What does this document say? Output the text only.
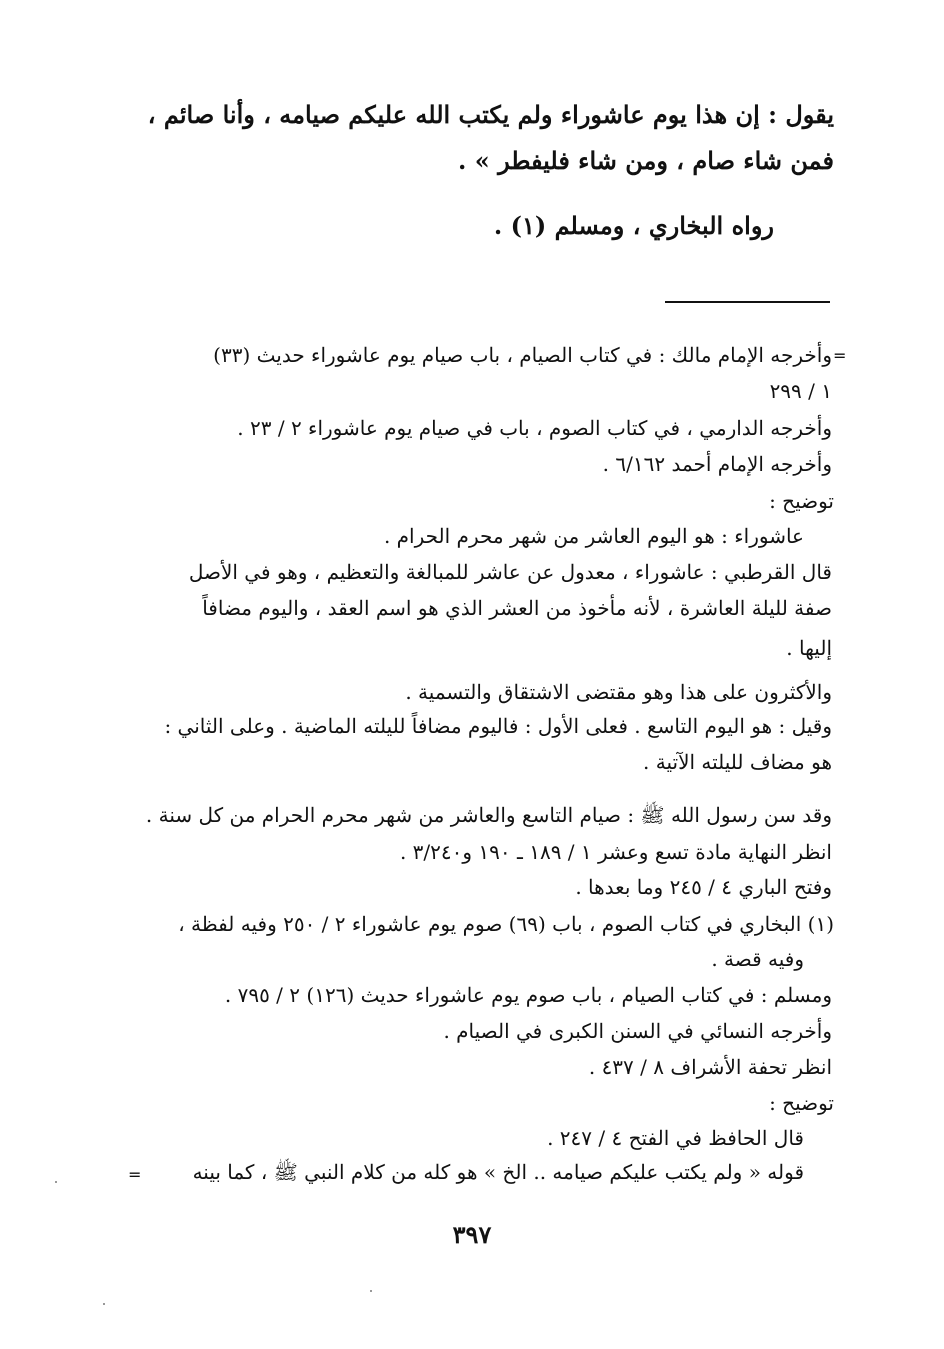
يقول : إن هذا يوم عاشوراء ولم يكتب الله عليكم صيامه ، وأنا صائم ،
فمن شاء صام ، ومن شاء فليفطر » .
رواه البخاري ، ومسلم (١) .
=
وأخرجه الإمام مالك : في كتاب الصيام ، باب صيام يوم عاشوراء حديث (٣٣)
١ / ٢٩٩
وأخرجه الدارمي ، في كتاب الصوم ، باب في صيام يوم عاشوراء ٢ / ٢٣ .
وأخرجه الإمام أحمد ٦/١٦٢ .
توضيح :
عاشوراء : هو اليوم العاشر من شهر محرم الحرام .
قال القرطبي : عاشوراء ، معدول عن عاشر للمبالغة والتعظيم ، وهو في الأصل
صفة لليلة العاشرة ، لأنه مأخوذ من العشر الذي هو اسم العقد ، واليوم مضافاً
إليها .
والأكثرون على هذا وهو مقتضى الاشتقاق والتسمية .
وقيل : هو اليوم التاسع . فعلى الأول : فاليوم مضافاً لليلته الماضية . وعلى الثاني :
هو مضاف لليلته الآتية .
وقد سن رسول الله ﷺ : صيام التاسع والعاشر من شهر محرم الحرام من كل سنة .
انظر النهاية مادة تسع وعشر ١ / ١٨٩ ـ ١٩٠ و٣/٢٤٠ .
وفتح الباري ٤ / ٢٤٥ وما بعدها .
(١) البخاري في كتاب الصوم ، باب (٦٩) صوم يوم عاشوراء ٢ / ٢٥٠ وفيه لفظة ،
وفيه قصة .
ومسلم : في كتاب الصيام ، باب صوم يوم عاشوراء حديث (١٢٦) ٢ / ٧٩٥ .
وأخرجه النسائي في السنن الكبرى في الصيام .
انظر تحفة الأشراف ٨ / ٤٣٧ .
توضيح :
قال الحافظ في الفتح ٤ / ٢٤٧ .
قوله « ولم يكتب عليكم صيامه .. الخ » هو كله من كلام النبي ﷺ ، كما بينه
=
٣٩٧
